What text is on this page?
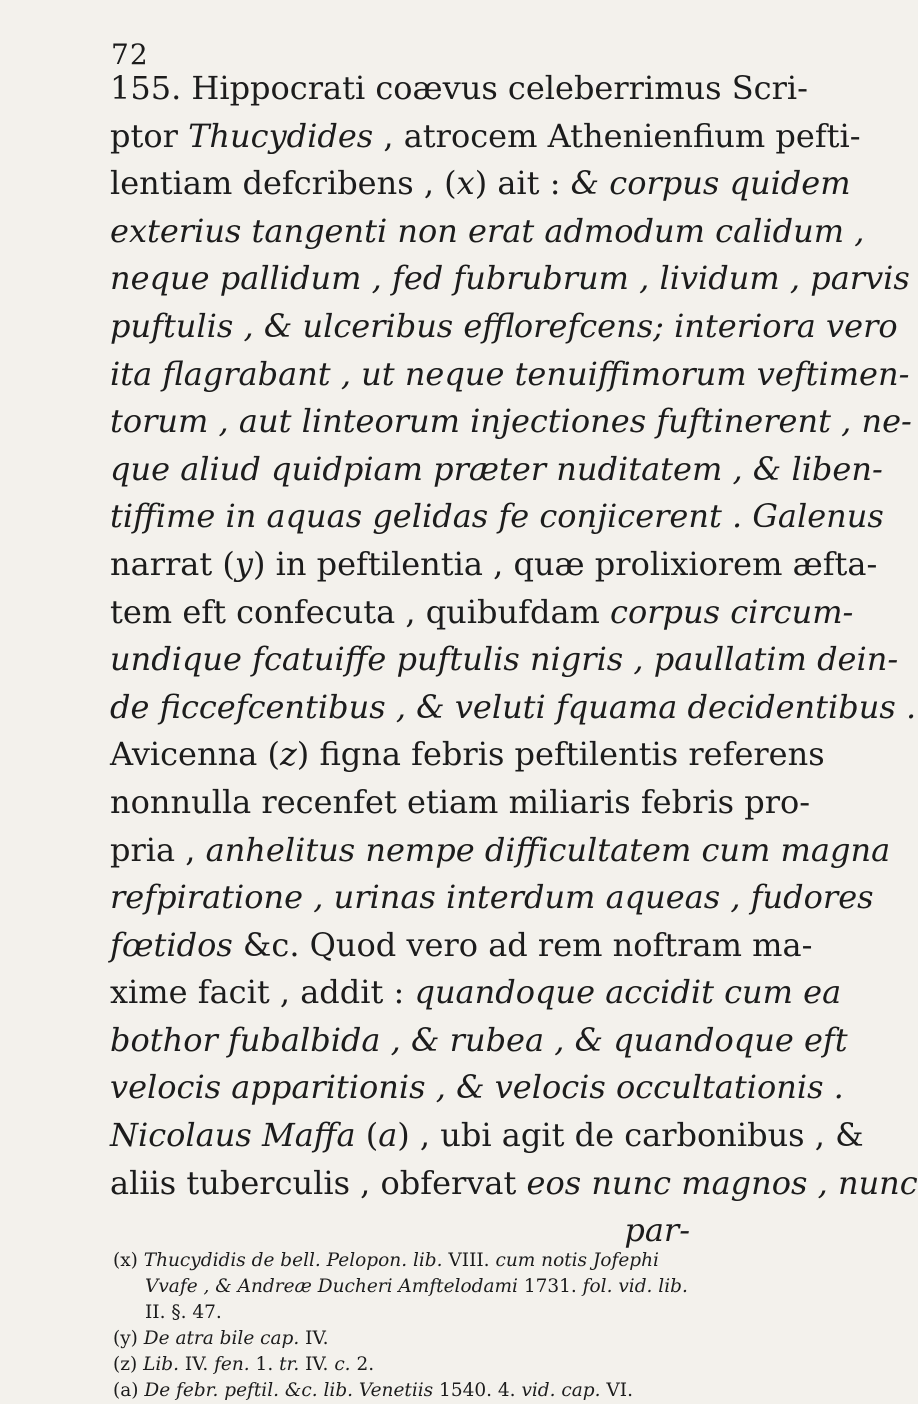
72
155. Hippocrati coævus celeberrimus Scri-
ptor Thucydides , atrocem Athenienfium pefti-
lentiam defcribens , (x) ait : & corpus quidem
exterius tangenti non erat admodum calidum ,
neque pallidum , fed fubrubrum , lividum , parvis
puftulis , & ulceribus efflorefcens; interiora vero
ita flagrabant , ut neque tenuiffimorum veftimen-
torum , aut linteorum injectiones fuftinerent , ne-
que aliud quidpiam præter nuditatem , & liben-
tiffime in aquas gelidas fe conjicerent . Galenus
narrat (y) in peftilentia , quæ prolixiorem æfta-
tem eft confecuta , quibufdam corpus circum-
undique fcatuiffe puftulis nigris , paullatim dein-
de ficcefcentibus , & veluti fquama decidentibus .
Avicenna (z) figna febris peftilentis referens
nonnulla recenfet etiam miliaris febris pro-
pria , anhelitus nempe difficultatem cum magna
refpiratione , urinas interdum aqueas , fudores
fœtidos &c. Quod vero ad rem noftram ma-
xime facit , addit : quandoque accidit cum ea
bothor fubalbida , & rubea , & quandoque eft
velocis apparitionis , & velocis occultationis .
Nicolaus Maffa (a) , ubi agit de carbonibus , &
aliis tuberculis , obfervat eos nunc magnos , nunc
par-
(x) Thucydidis de bell. Pelopon. lib. VIII. cum notis Jofephi
Vvafe , & Andreæ Ducheri Amftelodami 1731. fol. vid. lib.
II. §. 47.
(y) De atra bile cap. IV.
(z) Lib. IV. fen. 1. tr. IV. c. 2.
(a) De febr. peftil. &c. lib. Venetiis 1540. 4. vid. cap. VI.
